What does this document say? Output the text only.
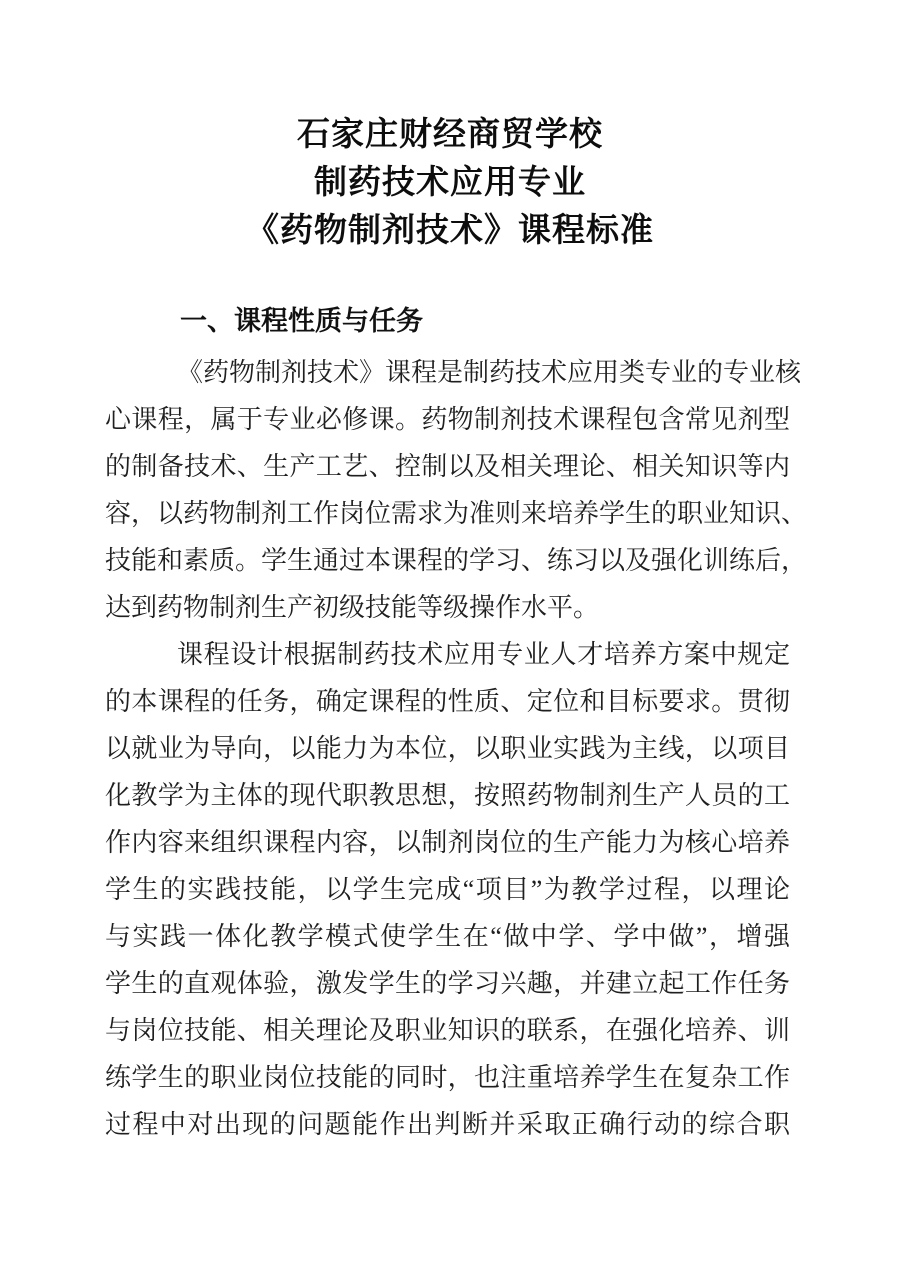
石家庄财经商贸学校
制药技术应用专业
《药物制剂技术》课程标准
一、课程性质与任务
《药物制剂技术》课程是制药技术应用类专业的专业核
心课程，属于专业必修课。药物制剂技术课程包含常见剂型
的制备技术、生产工艺、控制以及相关理论、相关知识等内
容，以药物制剂工作岗位需求为准则来培养学生的职业知识、
技能和素质。学生通过本课程的学习、练习以及强化训练后，
达到药物制剂生产初级技能等级操作水平。
课程设计根据制药技术应用专业人才培养方案中规定
的本课程的任务，确定课程的性质、定位和目标要求。贯彻
以就业为导向，以能力为本位，以职业实践为主线，以项目
化教学为主体的现代职教思想，按照药物制剂生产人员的工
作内容来组织课程内容，以制剂岗位的生产能力为核心培养
学生的实践技能，以学生完成“项目”为教学过程，以理论
与实践一体化教学模式使学生在“做中学、学中做”，增强
学生的直观体验，激发学生的学习兴趣，并建立起工作任务
与岗位技能、相关理论及职业知识的联系，在强化培养、训
练学生的职业岗位技能的同时，也注重培养学生在复杂工作
过程中对出现的问题能作出判断并采取正确行动的综合职
